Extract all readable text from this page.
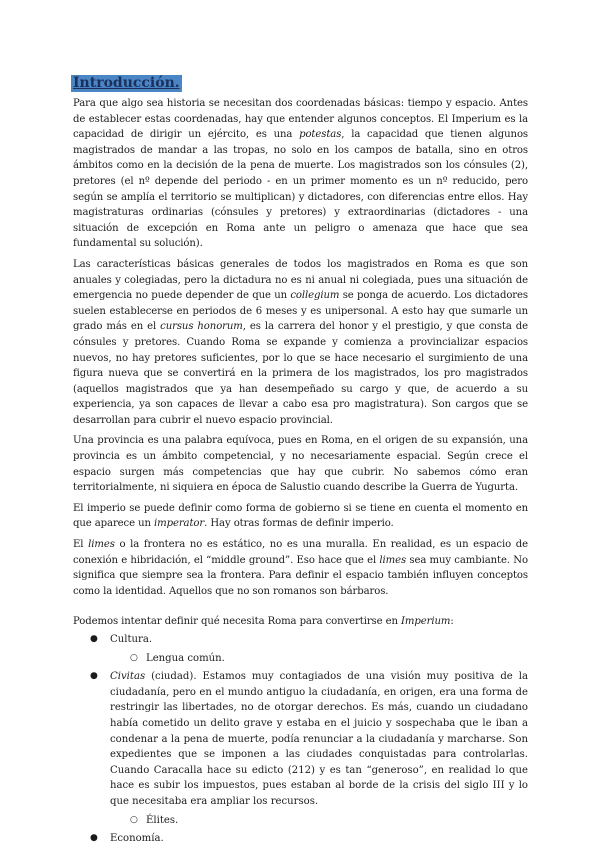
Introducción.

Para que algo sea historia se necesitan dos coordenadas básicas: tiempo y espacio. Antes de establecer estas coordenadas, hay que entender algunos conceptos. El Imperium es la capacidad de dirigir un ejército, es una potestas, la capacidad que tienen algunos magistrados de mandar a las tropas, no solo en los campos de batalla, sino en otros ámbitos como en la decisión de la pena de muerte. Los magistrados son los cónsules (2), pretores (el nº depende del periodo - en un primer momento es un nº reducido, pero según se amplía el territorio se multiplican) y dictadores, con diferencias entre ellos. Hay magistraturas ordinarias (cónsules y pretores) y extraordinarias (dictadores - una situación de excepción en Roma ante un peligro o amenaza que hace que sea fundamental su solución).

Las características básicas generales de todos los magistrados en Roma es que son anuales y colegiadas, pero la dictadura no es ni anual ni colegiada, pues una situación de emergencia no puede depender de que un collegium se ponga de acuerdo. Los dictadores suelen establecerse en periodos de 6 meses y es unipersonal. A esto hay que sumarle un grado más en el cursus honorum, es la carrera del honor y el prestigio, y que consta de cónsules y pretores. Cuando Roma se expande y comienza a provincializar espacios nuevos, no hay pretores suficientes, por lo que se hace necesario el surgimiento de una figura nueva que se convertirá en la primera de los magistrados, los pro magistrados (aquellos magistrados que ya han desempeñado su cargo y que, de acuerdo a su experiencia, ya son capaces de llevar a cabo esa pro magistratura). Son cargos que se desarrollan para cubrir el nuevo espacio provincial.

Una provincia es una palabra equívoca, pues en Roma, en el origen de su expansión, una provincia es un ámbito competencial, y no necesariamente espacial. Según crece el espacio surgen más competencias que hay que cubrir. No sabemos cómo eran territorialmente, ni siquiera en época de Salustio cuando describe la Guerra de Yugurta.

El imperio se puede definir como forma de gobierno si se tiene en cuenta el momento en que aparece un imperator. Hay otras formas de definir imperio.

El limes o la frontera no es estático, no es una muralla. En realidad, es un espacio de conexión e hibridación, el “middle ground”. Eso hace que el limes sea muy cambiante. No significa que siempre sea la frontera. Para definir el espacio también influyen conceptos como la identidad. Aquellos que no son romanos son bárbaros.

Podemos intentar definir qué necesita Roma para convertirse en Imperium:

● Cultura.
○ Lengua común.
● Civitas (ciudad). Estamos muy contagiados de una visión muy positiva de la ciudadanía, pero en el mundo antiguo la ciudadanía, en origen, era una forma de restringir las libertades, no de otorgar derechos. Es más, cuando un ciudadano había cometido un delito grave y estaba en el juicio y sospechaba que le iban a condenar a la pena de muerte, podía renunciar a la ciudadanía y marcharse. Son expedientes que se imponen a las ciudades conquistadas para controlarlas. Cuando Caracalla hace su edicto (212) y es tan “generoso”, en realidad lo que hace es subir los impuestos, pues estaban al borde de la crisis del siglo III y lo que necesitaba era ampliar los recursos.
○ Élites.
● Economía.
